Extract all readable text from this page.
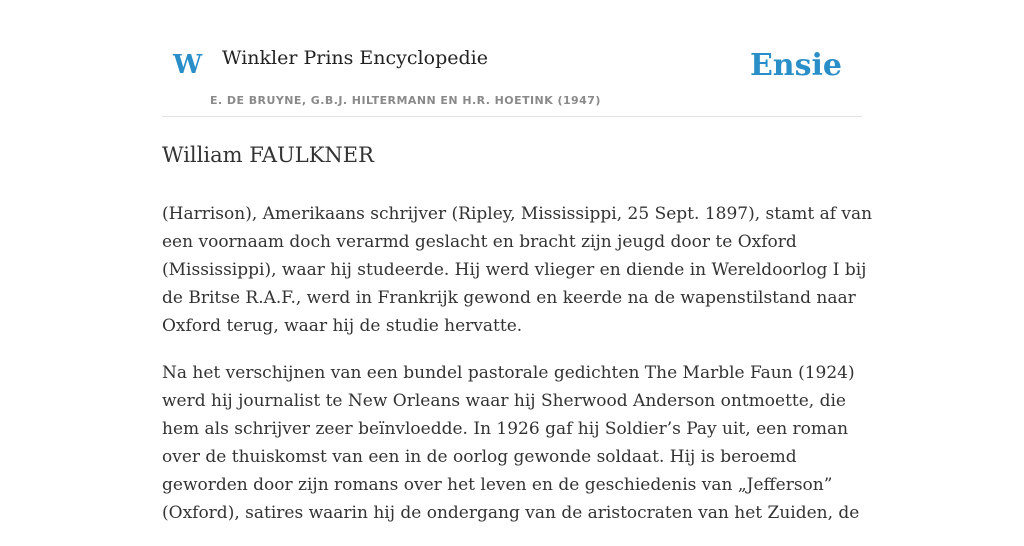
W Winkler Prins Encyclopedie
E. DE BRUYNE, G.B.J. HILTERMANN EN H.R. HOETINK (1947)
Ensie
William FAULKNER

(Harrison), Amerikaans schrijver (Ripley, Mississippi, 25 Sept. 1897), stamt af van
een voornaam doch verarmd geslacht en bracht zijn jeugd door te Oxford
(Mississippi), waar hij studeerde. Hij werd vlieger en diende in Wereldoorlog I bij
de Britse R.A.F., werd in Frankrijk gewond en keerde na de wapenstilstand naar
Oxford terug, waar hij de studie hervatte.

Na het verschijnen van een bundel pastorale gedichten The Marble Faun (1924)
werd hij journalist te New Orleans waar hij Sherwood Anderson ontmoette, die
hem als schrijver zeer beïnvloedde. In 1926 gaf hij Soldier’s Pay uit, een roman
over de thuiskomst van een in de oorlog gewonde soldaat. Hij is beroemd
geworden door zijn romans over het leven en de geschiedenis van „Jefferson”
(Oxford), satires waarin hij de ondergang van de aristocraten van het Zuiden, de
